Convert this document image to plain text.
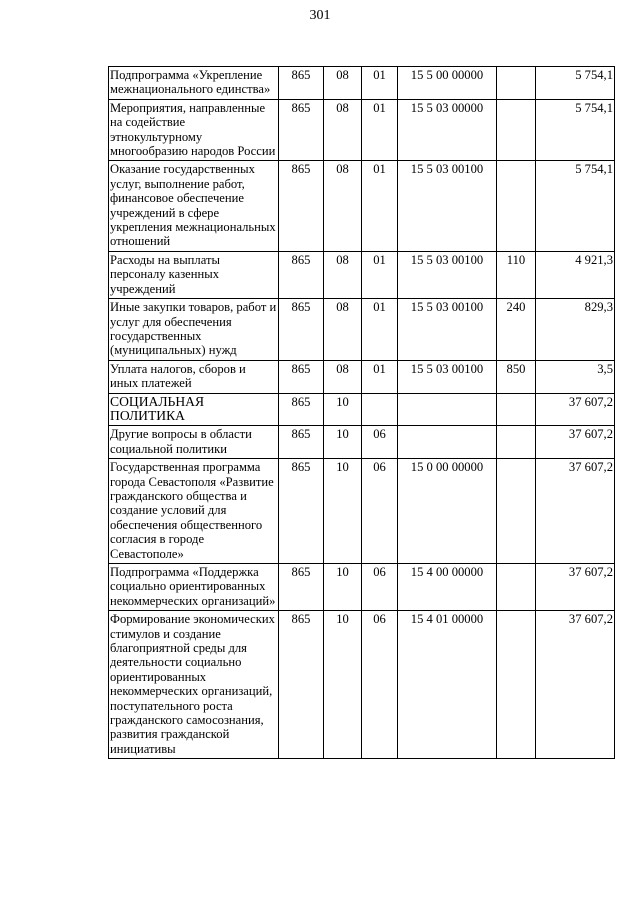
301
Подпрограмма «Укрепление межнационального единства»	865	08	01	15 5 00 00000		5 754,1
Мероприятия, направленные на содействие этнокультурному многообразию народов России	865	08	01	15 5 03 00000		5 754,1
Оказание государственных услуг, выполнение работ, финансовое обеспечение учреждений в сфере укрепления межнациональных отношений	865	08	01	15 5 03 00100		5 754,1
Расходы на выплаты персоналу казенных учреждений	865	08	01	15 5 03 00100	110	4 921,3
Иные закупки товаров, работ и услуг для обеспечения государственных (муниципальных) нужд	865	08	01	15 5 03 00100	240	829,3
Уплата налогов, сборов и иных платежей	865	08	01	15 5 03 00100	850	3,5
СОЦИАЛЬНАЯ ПОЛИТИКА	865	10				37 607,2
Другие вопросы в области социальной политики	865	10	06			37 607,2
Государственная программа города Севастополя «Развитие гражданского общества и создание условий для обеспечения общественного согласия в городе Севастополе»	865	10	06	15 0 00 00000		37 607,2
Подпрограмма «Поддержка социально ориентированных некоммерческих организаций»	865	10	06	15 4 00 00000		37 607,2
Формирование экономических стимулов и создание благоприятной среды для деятельности социально ориентированных некоммерческих организаций, поступательного роста гражданского самосознания, развития гражданской инициативы	865	10	06	15 4 01 00000		37 607,2
